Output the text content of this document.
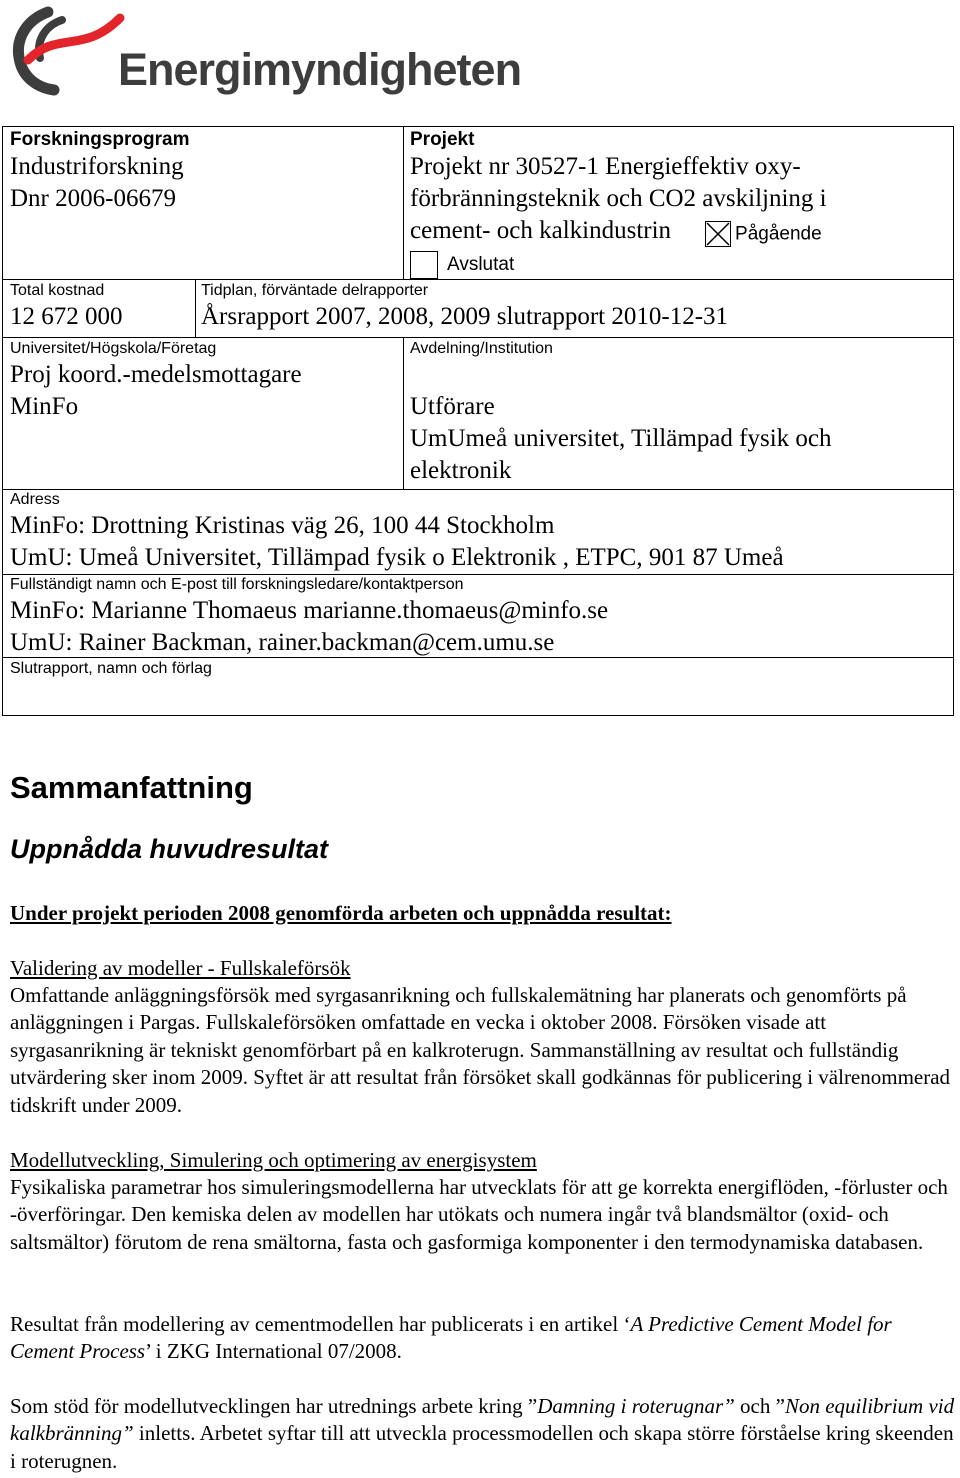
Energimyndigheten
Forskningsprogram
Industriforskning
Dnr 2006-06679
Projekt
Projekt nr 30527-1 Energieffektiv oxy-
förbränningsteknik och CO2 avskiljning i
cement- och kalkindustrin	Pågående
Avslutat
Total kostnad
12 672 000
Tidplan, förväntade delrapporter
Årsrapport 2007, 2008, 2009 slutrapport 2010-12-31
Universitet/Högskola/Företag
Proj koord.-medelsmottagare
MinFo
Avdelning/Institution
Utförare
UmUmeå universitet, Tillämpad fysik och
elektronik
Adress
MinFo: Drottning Kristinas väg 26, 100 44 Stockholm
UmU: Umeå Universitet, Tillämpad fysik o Elektronik , ETPC, 901 87 Umeå
Fullständigt namn och E-post till forskningsledare/kontaktperson
MinFo: Marianne Thomaeus marianne.thomaeus@minfo.se
UmU: Rainer Backman, rainer.backman@cem.umu.se
Slutrapport, namn och förlag
Sammanfattning
Uppnådda huvudresultat
Under projekt perioden 2008 genomförda arbeten och uppnådda resultat:
Validering av modeller - Fullskaleförsök
Omfattande anläggningsförsök med syrgasanrikning och fullskalemätning har planerats och genomförts på anläggningen i Pargas. Fullskaleförsöken omfattade en vecka i oktober 2008. Försöken visade att syrgasanrikning är tekniskt genomförbart på en kalkroterugn. Sammanställning av resultat och fullständig utvärdering sker inom 2009. Syftet är att resultat från försöket skall godkännas för publicering i välrenommerad tidskrift under 2009.
Modellutveckling, Simulering och optimering av energisystem
Fysikaliska parametrar hos simuleringsmodellerna har utvecklats för att ge korrekta energiflöden, -förluster och -överföringar. Den kemiska delen av modellen har utökats och numera ingår två blandsmältor (oxid- och saltsmältor) förutom de rena smältorna, fasta och gasformiga komponenter i den termodynamiska databasen.
Resultat från modellering av cementmodellen har publicerats i en artikel ‘A Predictive Cement Model for Cement Process’ i ZKG International 07/2008.
Som stöd för modellutvecklingen har utrednings arbete kring ”Damning i roterugnar” och ”Non equilibrium vid kalkbränning” inletts. Arbetet syftar till att utveckla processmodellen och skapa större förståelse kring skeenden i roterugnen.
